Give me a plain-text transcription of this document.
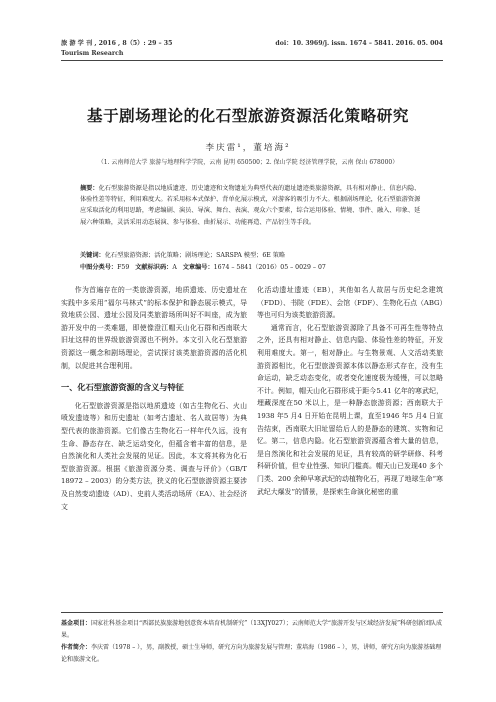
旅 游 学 刊 , 2016 , 8（5）: 29 – 35
Tourism Research
doi：10. 3969/j. issn. 1674 – 5841. 2016. 05. 004
基于剧场理论的化石型旅游资源活化策略研究
李庆雷¹，董培海²
（1. 云南师范大学 旅游与地理科学学院，云南 昆明 650500；2. 保山学院 经济管理学院，云南 保山 678000）
摘要：化石型旅游资源是指以地质遗迹、历史遗迹和文物遗址为典型代表的遗址遗迹类旅游资源，具有相对静止、信息内隐、体验性差等特征，利用难度大。若采用标本式保护、背单化展示模式，对游客的吸引力不大。根据剧场理论，化石型旅游资源应采取活化的利用思路，考虑编剧、演员、导演、舞台、表演、观众六个要素，综合运用体验、情境、事件、融入、印象、延展六种策略，灵活采用动态展演、参与体验、曲折展示、功能再造、产品衍生等手段。
关键词：化石型旅游资源；活化策略；剧场理论；SARSPA 模型；6E 策略
中图分类号：F59 文献标识码：A 文章编号：1674 – 5841（2016）05 – 0029 – 07

作为首遍存在的一类旅游资源，地质遗迹、历史遗址在实践中多采用“福尔马林式”的标本保护和静态展示模式，导致地质公园、遗址公园及同类旅游场所叫好不叫座，成为旅游开发中的一类难题，即使像澄江帽天山化石群和西南联大旧址这样的世界级旅游资源也不例外。本文引入化石型旅游资源这一概念和剧场理论，尝试探讨该类旅游资源的活化机制，以促进其合理利用。

一、化石型旅游资源的含义与特征

化石型旅游资源是指以地质遗迹（如古生物化石、火山喷发遗迹等）和历史遗址（如考古遗址、名人故居等）为典型代表的旅游资源。它们像古生物化石一样年代久远，没有生命、静态存在、缺乏运动变化，但蕴含着丰富的信息，是自然演化和人类社会发展的见证。因此，本文将其称为化石型旅游资源。根据《旅游资源分类、调查与评价》（GB/T 18972 – 2003）的分类方法，狭义的化石型旅游资源主要涉及自然变动遗迹（AD）、史前人类活动场所（EA）、社会经济文

化活动遗址遗迹（EB），其他如名人故居与历史纪念建筑（FDD）、书院（FDE）、会馆（FDF）、生物化石点（ABG）等也可归为该类旅游资源。

通常而言，化石型旅游资源除了具备不可再生性等特点之外，还具有相对静止、信息内隐、体验性差的特征，开发利用难度大。第一，相对静止。与生物景观、人文活动类旅游资源相比，化石型旅游资源本体以静态形式存在，没有生命运动，缺乏动态变化，或者变化速度极为缓慢，可以忽略不计。例如，帽天山化石群形成于距今5.41 亿年的寒武纪，埋藏深度在50 米以上，是一种静态旅游资源；西南联大于1938 年5 月4 日开始在昆明上课，直至1946 年5 月4 日宣告结束，西南联大旧址留给后人的是静态的建筑、实物和记忆。第二，信息内隐。化石型旅游资源蕴含着大量的信息，是自然演化和社会发展的见证，具有较高的研学研修、科考科研价值，但专业性强、知识门槛高。帽天山已发现40 多个门类、200 余种早寒武纪的动植物化石，再现了地球生命“寒武纪大爆发”的情景，是探索生命演化秘密的重

基金项目：国家社科基金项目“西部民族旅游地创意资本培育机制研究”（13XJY027）；云南师范大学“旅游开发与区域经济发展”科研创新团队成果。
作者简介：李庆雷（1978 – ），男，副教授，硕士生导师，研究方向为旅游发展与管理；董培海（1986 – ），男，讲师，研究方向为旅游基础理论和旅游文化。
